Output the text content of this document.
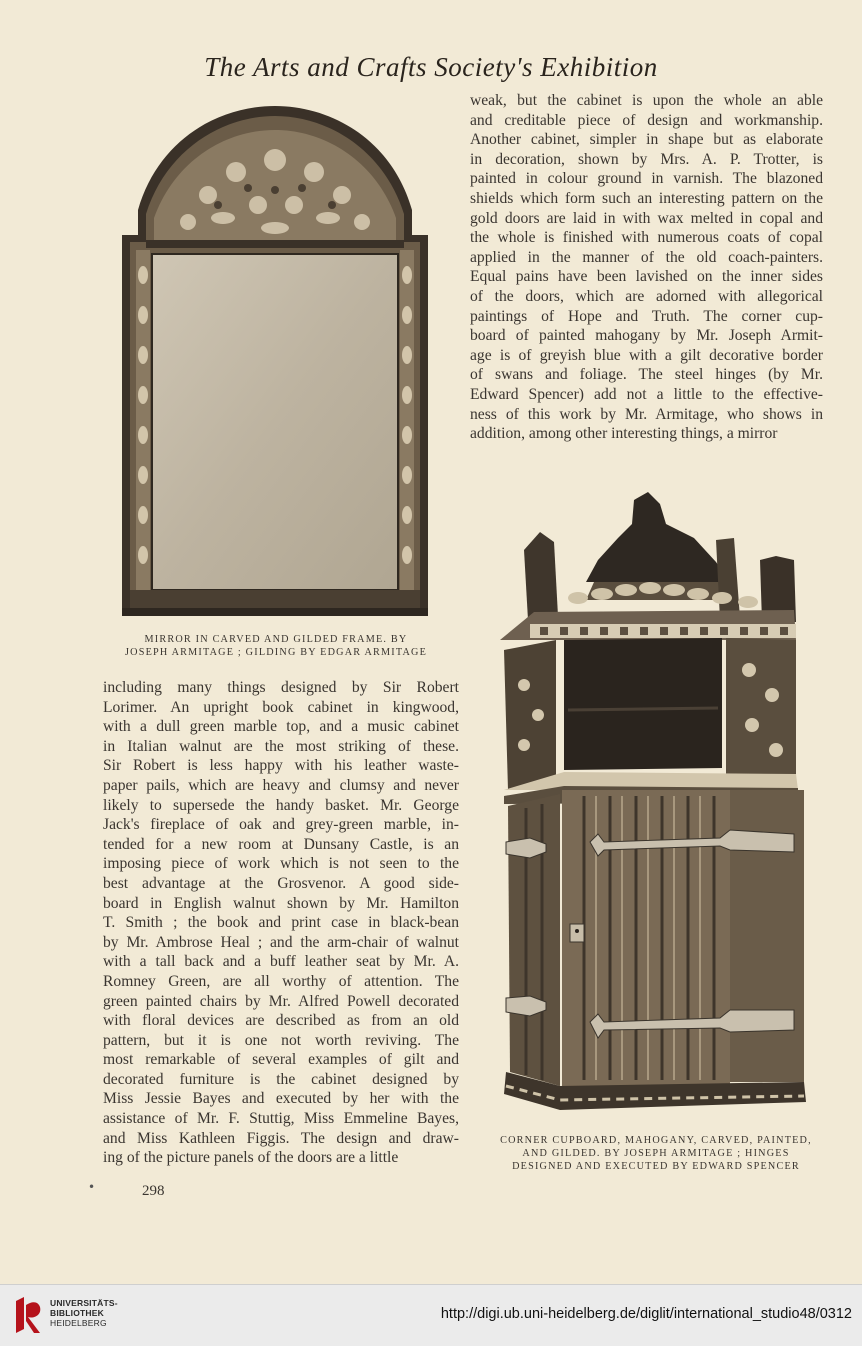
The Arts and Crafts Society's Exhibition
weak, but the cabinet is upon the whole an able
and creditable piece of design and workmanship.
Another cabinet, simpler in shape but as elaborate
in decoration, shown by Mrs. A. P. Trotter, is
painted in colour ground in varnish. The blazoned
shields which form such an interesting pattern on the
gold doors are laid in with wax melted in copal and
the whole is finished with numerous coats of copal
applied in the manner of the old coach-painters.
Equal pains have been lavished on the inner sides
of the doors, which are adorned with allegorical
paintings of Hope and Truth. The corner cup-
board of painted mahogany by Mr. Joseph Armit-
age is of greyish blue with a gilt decorative border
of swans and foliage. The steel hinges (by Mr.
Edward Spencer) add not a little to the effective-
ness of this work by Mr. Armitage, who shows in
addition, among other interesting things, a mirror
MIRROR IN CARVED AND GILDED FRAME. BY
JOSEPH ARMITAGE ; GILDING BY EDGAR ARMITAGE
including many things designed by Sir Robert
Lorimer. An upright book cabinet in kingwood,
with a dull green marble top, and a music cabinet
in Italian walnut are the most striking of these.
Sir Robert is less happy with his leather waste-
paper pails, which are heavy and clumsy and never
likely to supersede the handy basket. Mr. George
Jack's fireplace of oak and grey-green marble, in-
tended for a new room at Dunsany Castle, is an
imposing piece of work which is not seen to the
best advantage at the Grosvenor. A good side-
board in English walnut shown by Mr. Hamilton
T. Smith ; the book and print case in black-bean
by Mr. Ambrose Heal ; and the arm-chair of walnut
with a tall back and a buff leather seat by Mr. A.
Romney Green, are all worthy of attention. The
green painted chairs by Mr. Alfred Powell decorated
with floral devices are described as from an old
pattern, but it is one not worth reviving. The
most remarkable of several examples of gilt and
decorated furniture is the cabinet designed by
Miss Jessie Bayes and executed by her with the
assistance of Mr. F. Stuttig, Miss Emmeline Bayes,
and Miss Kathleen Figgis. The design and draw-
ing of the picture panels of the doors are a little
CORNER CUPBOARD, MAHOGANY, CARVED, PAINTED,
AND GILDED. BY JOSEPH ARMITAGE ; HINGES
DESIGNED AND EXECUTED BY EDWARD SPENCER
•	298
UNIVERSITÄTS-
BIBLIOTHEK
HEIDELBERG
http://digi.ub.uni-heidelberg.de/diglit/international_studio48/0312
